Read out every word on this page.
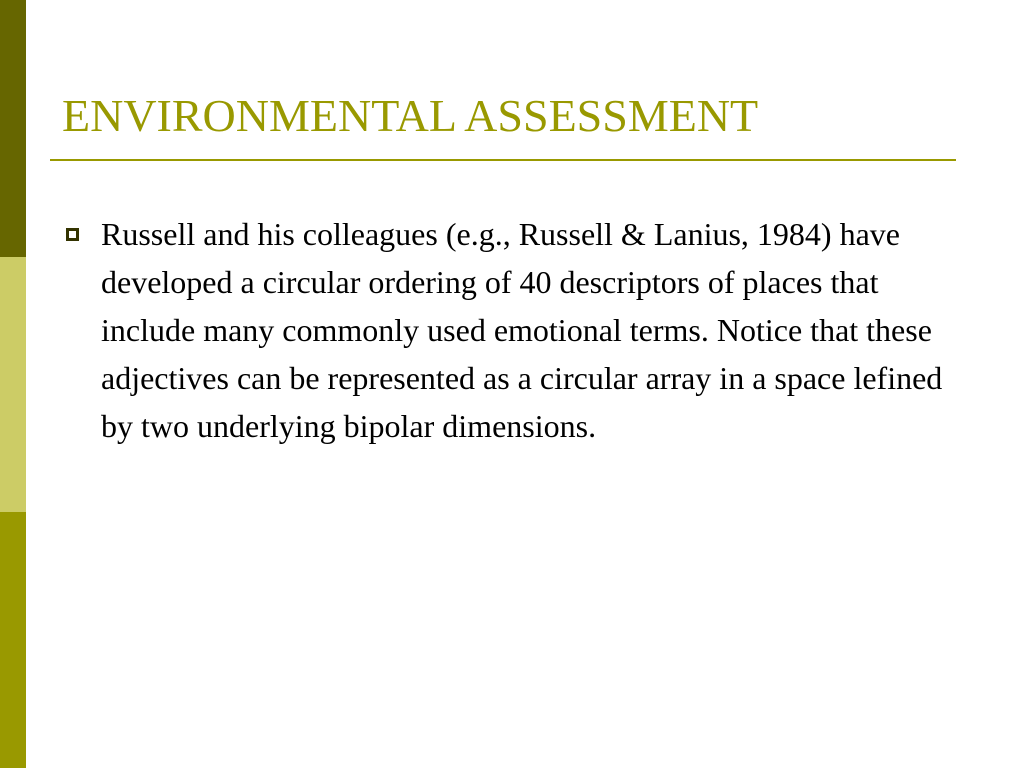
ENVIRONMENTAL ASSESSMENT

Russell and his colleagues (e.g., Russell & Lanius, 1984) have developed a circular ordering of 40 descriptors of places that include many commonly used emotional terms. Notice that these adjectives can be represented as a circular array in a space lefined by two underlying bipolar dimensions.
